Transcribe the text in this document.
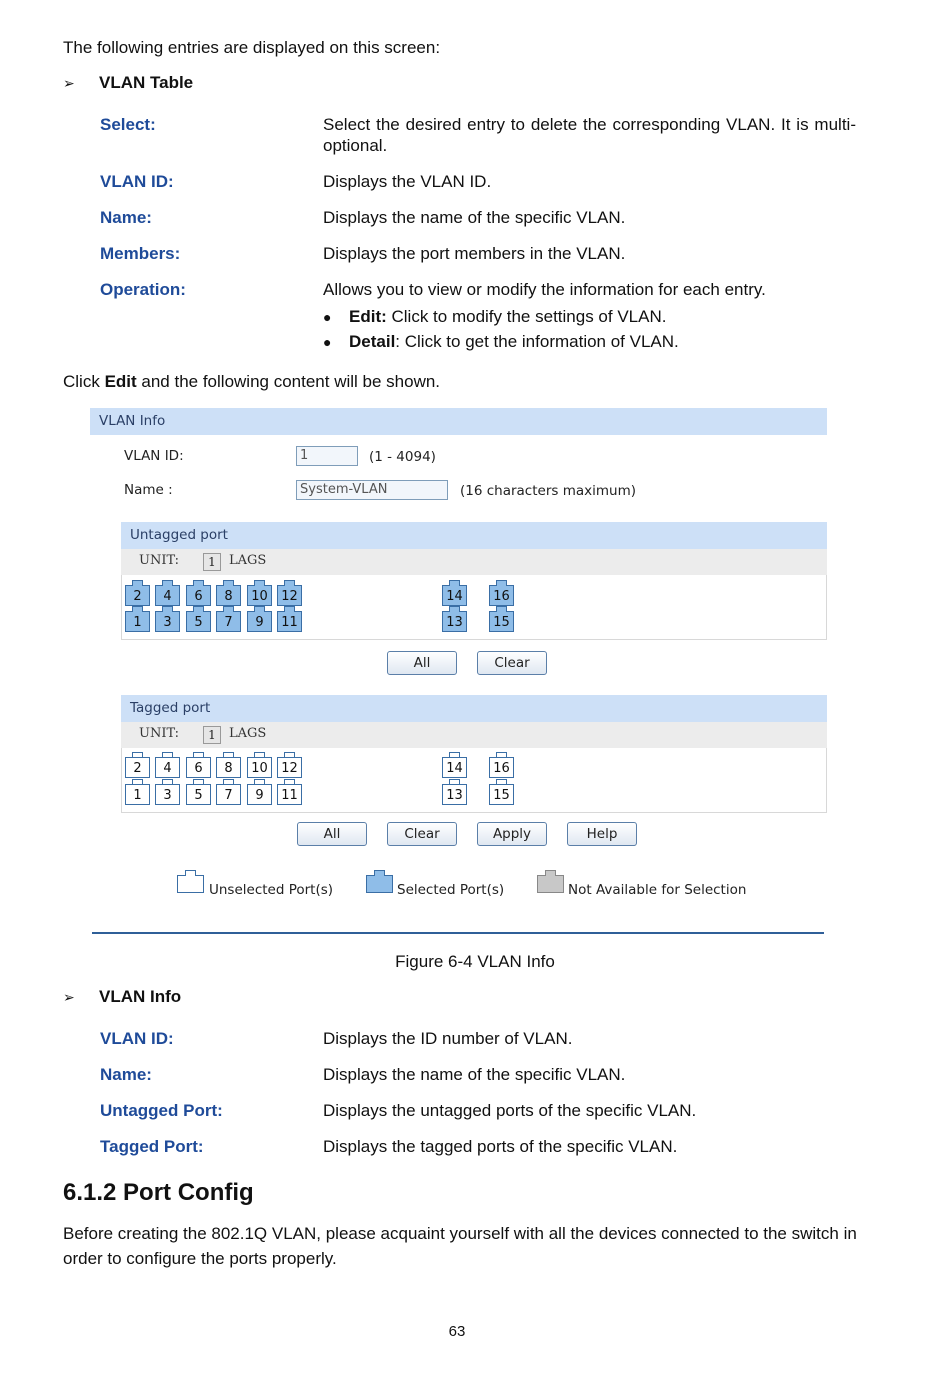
The following entries are displayed on this screen:
➢ VLAN Table
Select:	Select the desired entry to delete the corresponding VLAN. It is multi-optional.
VLAN ID:	Displays the VLAN ID.
Name:	Displays the name of the specific VLAN.
Members:	Displays the port members in the VLAN.
Operation:	Allows you to view or modify the information for each entry.
● Edit: Click to modify the settings of VLAN.
● Detail: Click to get the information of VLAN.
Click Edit and the following content will be shown.
VLAN Info
VLAN ID:	1	(1 - 4094)
Name :	System-VLAN	(16 characters maximum)
Untagged port
UNIT:	1	LAGS
2	4	6	8	10	12	14	16
1	3	5	7	9	11	13	15
All	Clear
Tagged port
UNIT:	1	LAGS
2	4	6	8	10	12	14	16
1	3	5	7	9	11	13	15
All	Clear	Apply	Help
Unselected Port(s)	Selected Port(s)	Not Available for Selection
Figure 6-4 VLAN Info
➢ VLAN Info
VLAN ID:	Displays the ID number of VLAN.
Name:	Displays the name of the specific VLAN.
Untagged Port:	Displays the untagged ports of the specific VLAN.
Tagged Port:	Displays the tagged ports of the specific VLAN.
6.1.2 Port Config
Before creating the 802.1Q VLAN, please acquaint yourself with all the devices connected to the switch in order to configure the ports properly.
63
